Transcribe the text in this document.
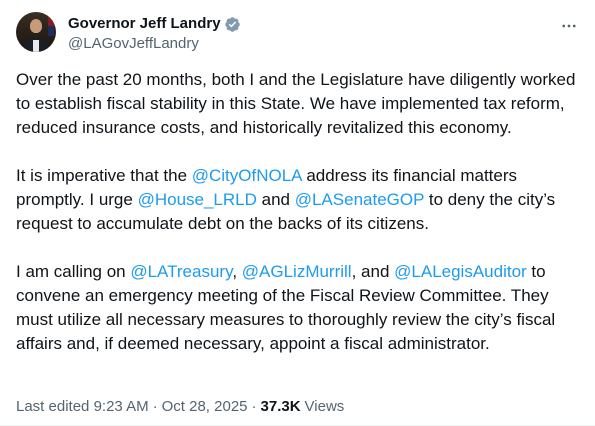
Governor Jeff Landry
@LAGovJeffLandry

Over the past 20 months, both I and the Legislature have diligently worked to establish fiscal stability in this State. We have implemented tax reform, reduced insurance costs, and historically revitalized this economy.

It is imperative that the @CityOfNOLA address its financial matters promptly. I urge @House_LRLD and @LASenateGOP to deny the city’s request to accumulate debt on the backs of its citizens.

I am calling on @LATreasury, @AGLizMurrill, and @LALegisAuditor to convene an emergency meeting of the Fiscal Review Committee. They must utilize all necessary measures to thoroughly review the city’s fiscal affairs and, if deemed necessary, appoint a fiscal administrator.

Last edited
9:23 AM · Oct 28, 2025 · 37.3K Views
